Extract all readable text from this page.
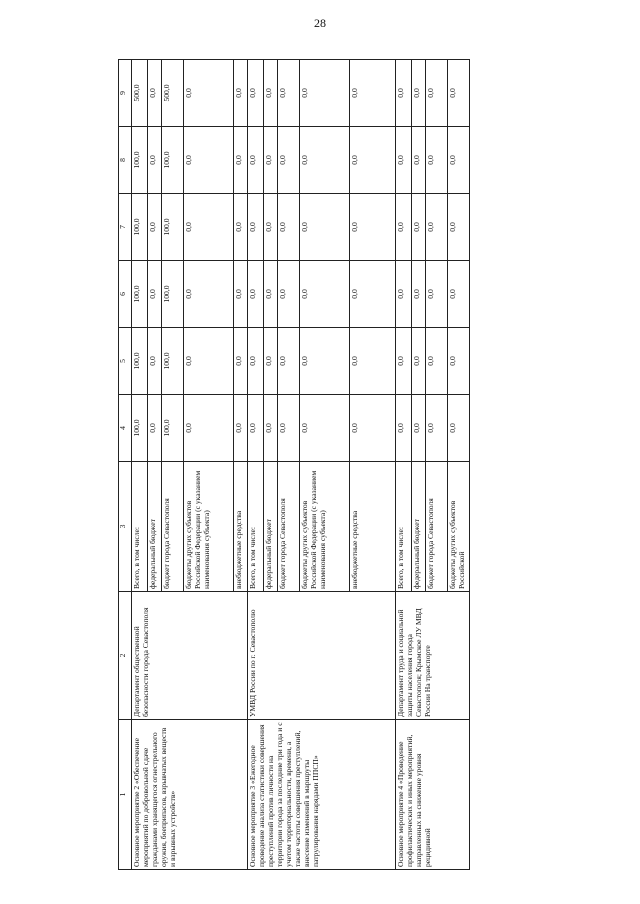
28
1	2	3	4	5	6	7	8	9
Основное мероприятие 2 «Обеспечение мероприятий по добровольной сдаче гражданами хранящегося огнестрельного оружия, боеприпасов, взрывчатых веществ и взрывных устройств»	Департамент общественной безопасности города Севастополя	Всего, в том числе:	100,0	100,0	100,0	100,0	100,0	500,0
		федеральный бюджет	0,0	0,0	0,0	0,0	0,0	0,0
		бюджет города Севастополя	100,0	100,0	100,0	100,0	100,0	500,0
		бюджеты других субъектов Российской Федерации (с указанием наименования субъекта)	0,0	0,0	0,0	0,0	0,0	0,0
		внебюджетные средства	0,0	0,0	0,0	0,0	0,0	0,0
Основное мероприятие 3 «Ежегодное проведение анализа статистики совершения преступлений против личности на территории города за последние три года и с учетом территориальности, времени, а также частоты совершения преступлений, внесение изменений в маршруты патрулирования нарядами ППСП»	УМВД России по г. Севастополю	Всего, в том числе:	0,0	0,0	0,0	0,0	0,0	0,0
		федеральный бюджет	0,0	0,0	0,0	0,0	0,0	0,0
		бюджет города Севастополя	0,0	0,0	0,0	0,0	0,0	0,0
		бюджеты других субъектов Российской Федерации (с указанием наименования субъекта)	0,0	0,0	0,0	0,0	0,0	0,0
		внебюджетные средства	0,0	0,0	0,0	0,0	0,0	0,0
Основное мероприятие 4 «Проведение профилактических и иных мероприятий, направленных на снижение уровня рецидивной	Департамент труда и социальной защиты населения города Севастополя; Крымское ЛУ МВД России На транспорте	Всего, в том числе:	0,0	0,0	0,0	0,0	0,0	0,0
		федеральный бюджет	0,0	0,0	0,0	0,0	0,0	0,0
		бюджет города Севастополя	0,0	0,0	0,0	0,0	0,0	0,0
		бюджеты других субъектов Российской	0,0	0,0	0,0	0,0	0,0	0,0
